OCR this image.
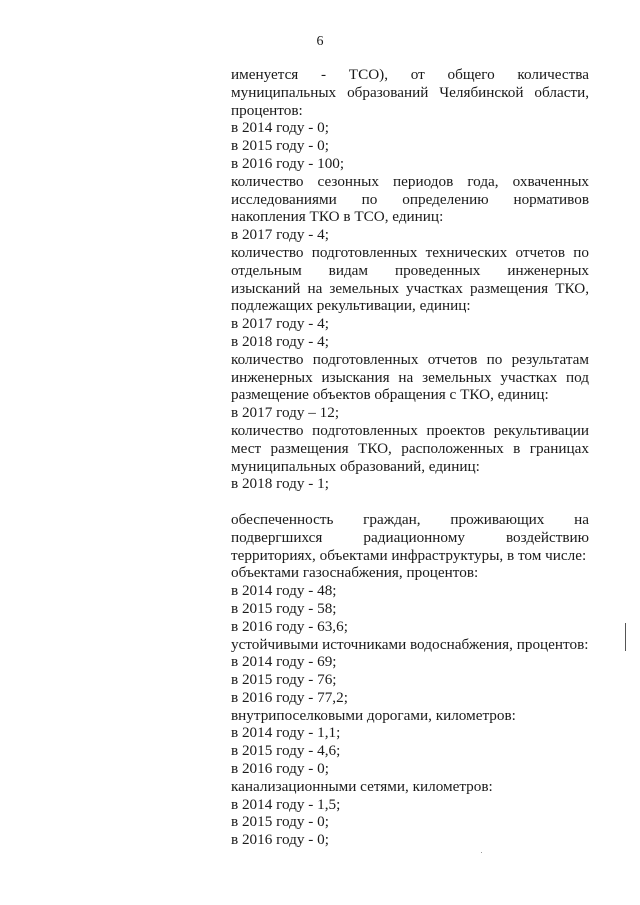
6
именуется - ТСО), от общего количества
муниципальных образований Челябинской области,
процентов:
в 2014 году - 0;
в 2015 году - 0;
в 2016 году - 100;
количество сезонных периодов года, охваченных
исследованиями по определению нормативов
накопления ТКО в ТСО, единиц:
в 2017 году - 4;
количество подготовленных технических отчетов по
отдельным видам проведенных инженерных
изысканий на земельных участках размещения ТКО,
подлежащих рекультивации, единиц:
в 2017 году - 4;
в 2018 году - 4;
количество подготовленных отчетов по результатам
инженерных изыскания на земельных участках под
размещение объектов обращения с ТКО, единиц:
в 2017 году – 12;
количество подготовленных проектов рекультивации
мест размещения ТКО, расположенных в границах
муниципальных образований, единиц:
в 2018 году - 1;
обеспеченность граждан, проживающих на
подвергшихся радиационному воздействию
территориях, объектами инфраструктуры, в том числе:
объектами газоснабжения, процентов:
в 2014 году - 48;
в 2015 году - 58;
в 2016 году - 63,6;
устойчивыми источниками водоснабжения, процентов:
в 2014 году - 69;
в 2015 году - 76;
в 2016 году - 77,2;
внутрипоселковыми дорогами, километров:
в 2014 году - 1,1;
в 2015 году - 4,6;
в 2016 году - 0;
канализационными сетями, километров:
в 2014 году - 1,5;
в 2015 году - 0;
в 2016 году - 0;
